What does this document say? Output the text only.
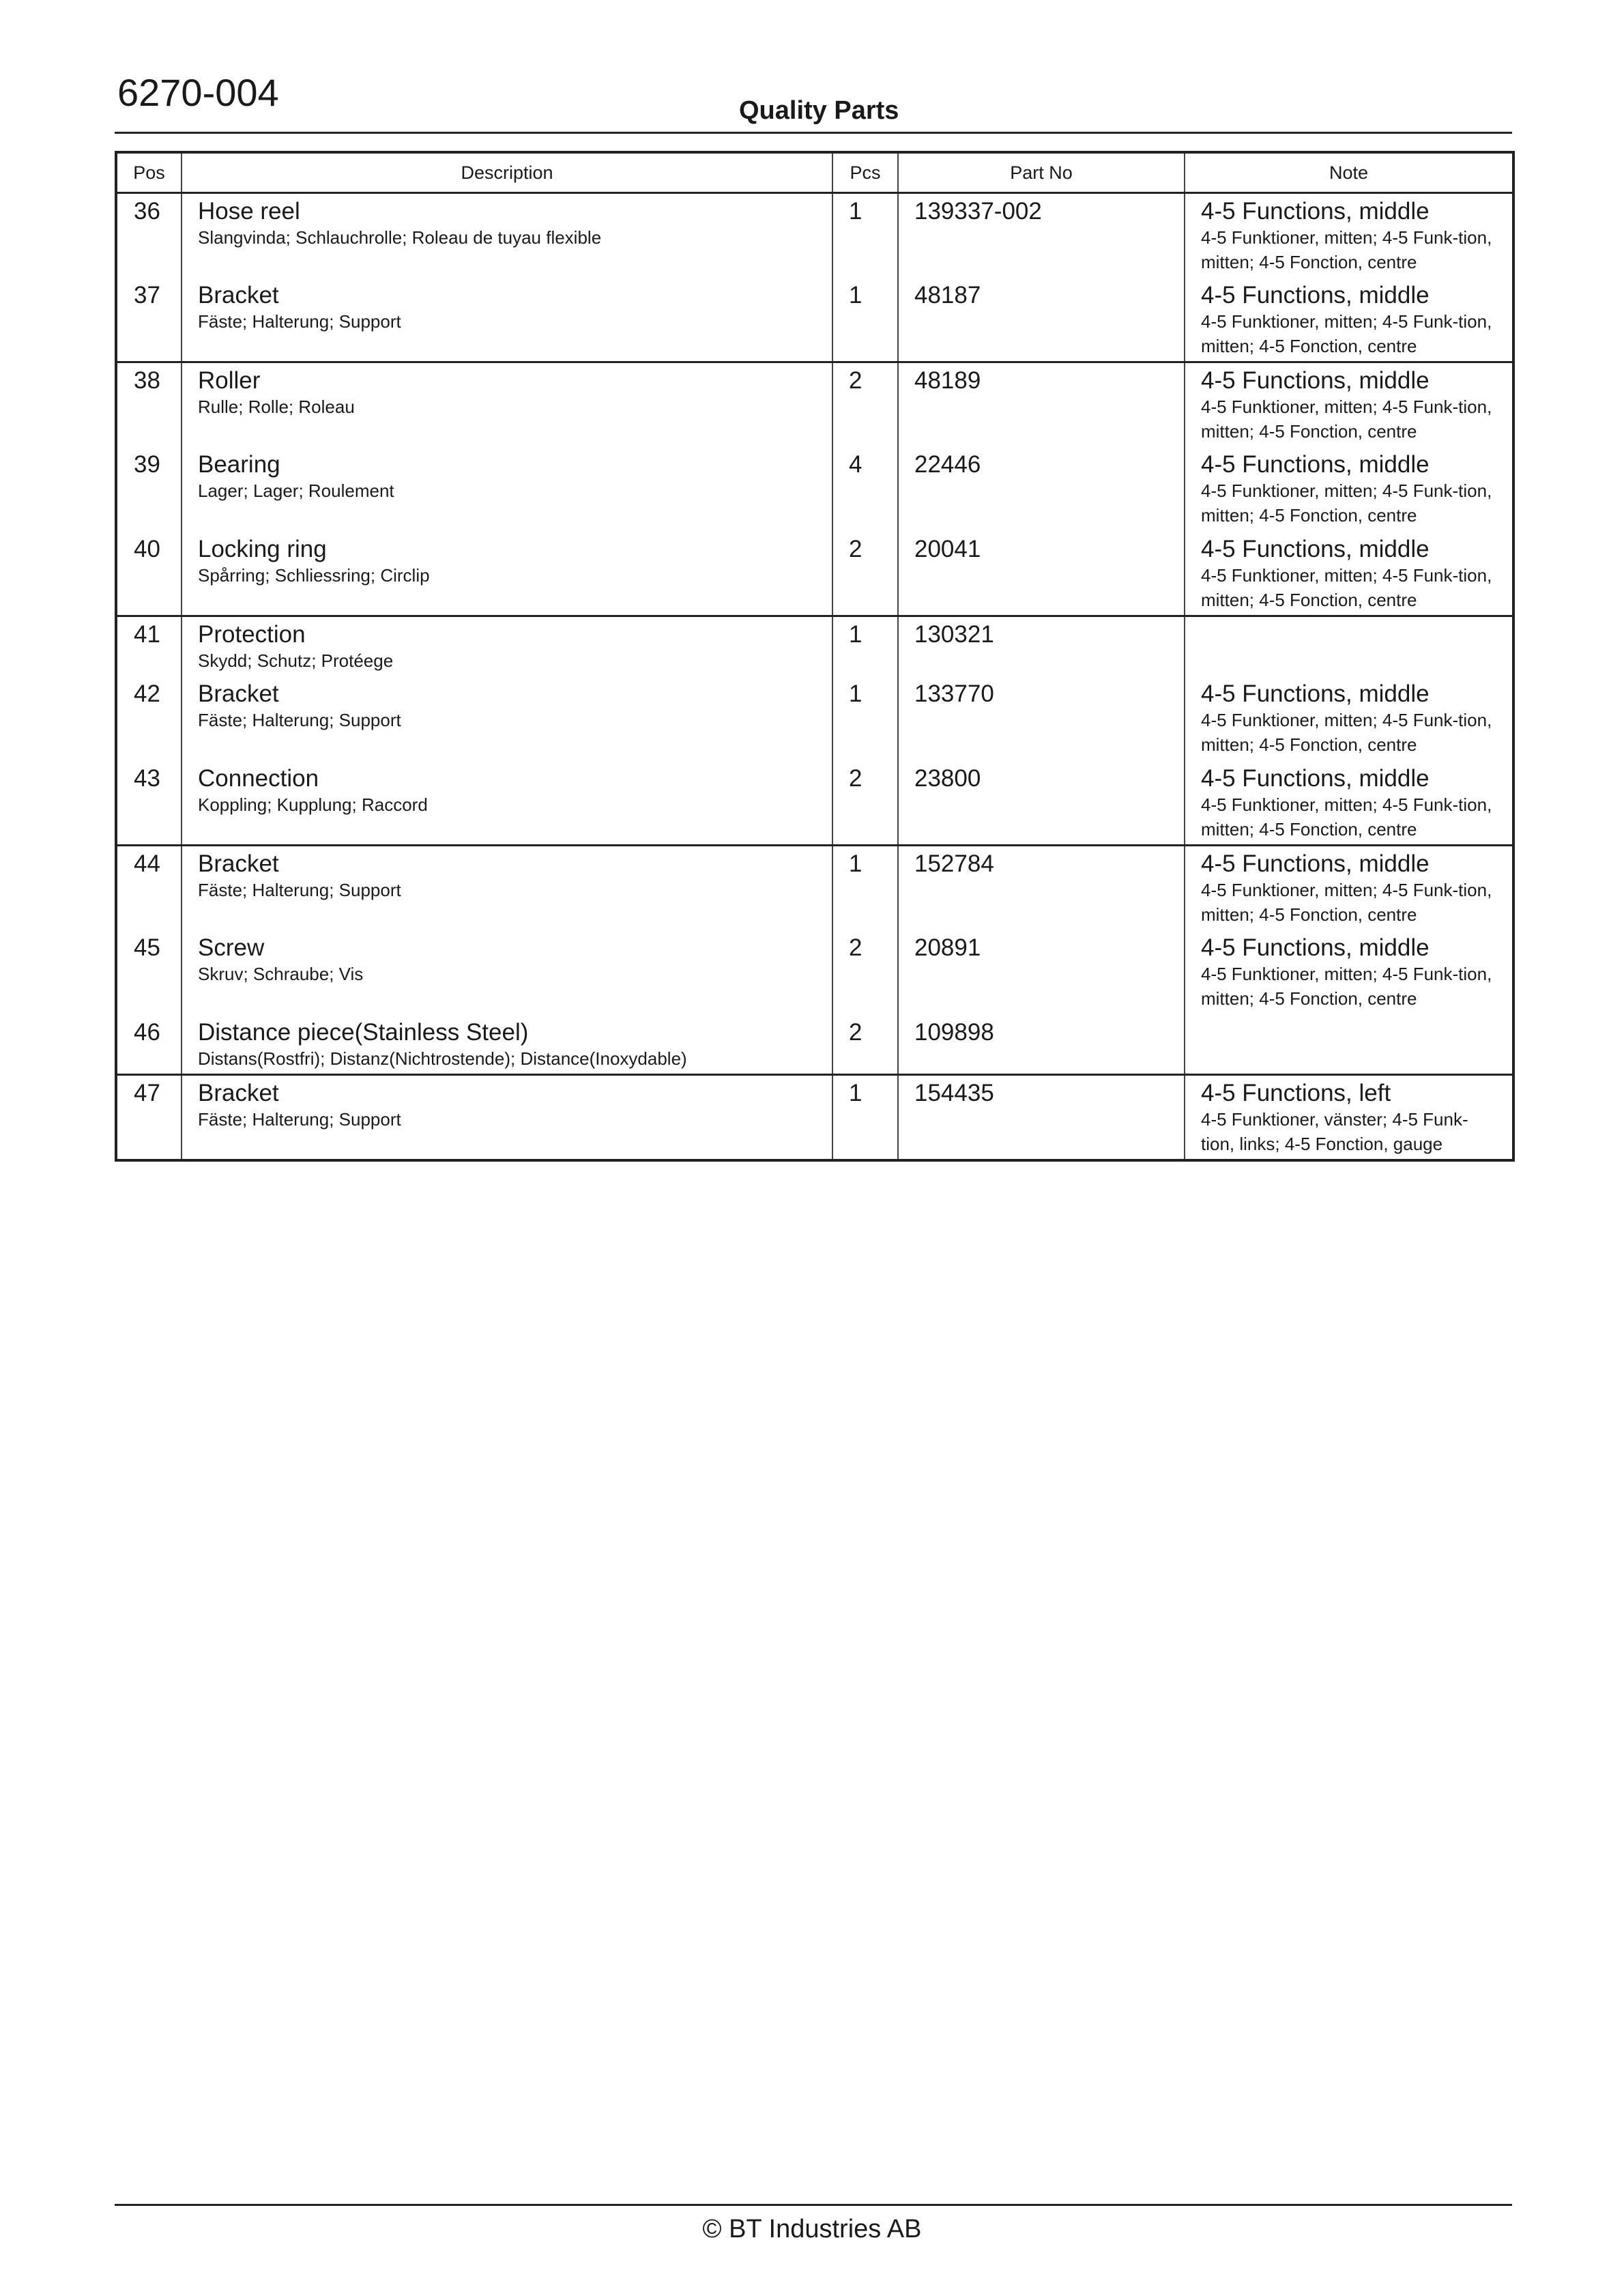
6270-004	Quality Parts
Pos	Description	Pcs	Part No	Note
36	Hose reel
Slangvinda; Schlauchrolle; Roleau de tuyau flexible	1	139337-002	4-5 Functions, middle
4-5 Funktioner, mitten; 4-5 Funk-tion, mitten; 4-5 Fonction, centre

37	Bracket
Fäste; Halterung; Support	1	48187	4-5 Functions, middle
4-5 Funktioner, mitten; 4-5 Funk-tion, mitten; 4-5 Fonction, centre

38	Roller
Rulle; Rolle; Roleau	2	48189	4-5 Functions, middle
4-5 Funktioner, mitten; 4-5 Funk-tion, mitten; 4-5 Fonction, centre

39	Bearing
Lager; Lager; Roulement	4	22446	4-5 Functions, middle
4-5 Funktioner, mitten; 4-5 Funk-tion, mitten; 4-5 Fonction, centre

40	Locking ring
Spårring; Schliessring; Circlip	2	20041	4-5 Functions, middle
4-5 Funktioner, mitten; 4-5 Funk-tion, mitten; 4-5 Fonction, centre

41	Protection
Skydd; Schutz; Protéege	1	130321	

42	Bracket
Fäste; Halterung; Support	1	133770	4-5 Functions, middle
4-5 Funktioner, mitten; 4-5 Funk-tion, mitten; 4-5 Fonction, centre

43	Connection
Koppling; Kupplung; Raccord	2	23800	4-5 Functions, middle
4-5 Funktioner, mitten; 4-5 Funk-tion, mitten; 4-5 Fonction, centre

44	Bracket
Fäste; Halterung; Support	1	152784	4-5 Functions, middle
4-5 Funktioner, mitten; 4-5 Funk-tion, mitten; 4-5 Fonction, centre

45	Screw
Skruv; Schraube; Vis	2	20891	4-5 Functions, middle
4-5 Funktioner, mitten; 4-5 Funk-tion, mitten; 4-5 Fonction, centre

46	Distance piece(Stainless Steel)
Distans(Rostfri); Distanz(Nichtrostende); Distance(Inoxydable)	2	109898	

47	Bracket
Fäste; Halterung; Support	1	154435	4-5 Functions, left
4-5 Funktioner, vänster; 4-5 Funk-tion, links; 4-5 Fonction, gauge
© BT Industries AB
